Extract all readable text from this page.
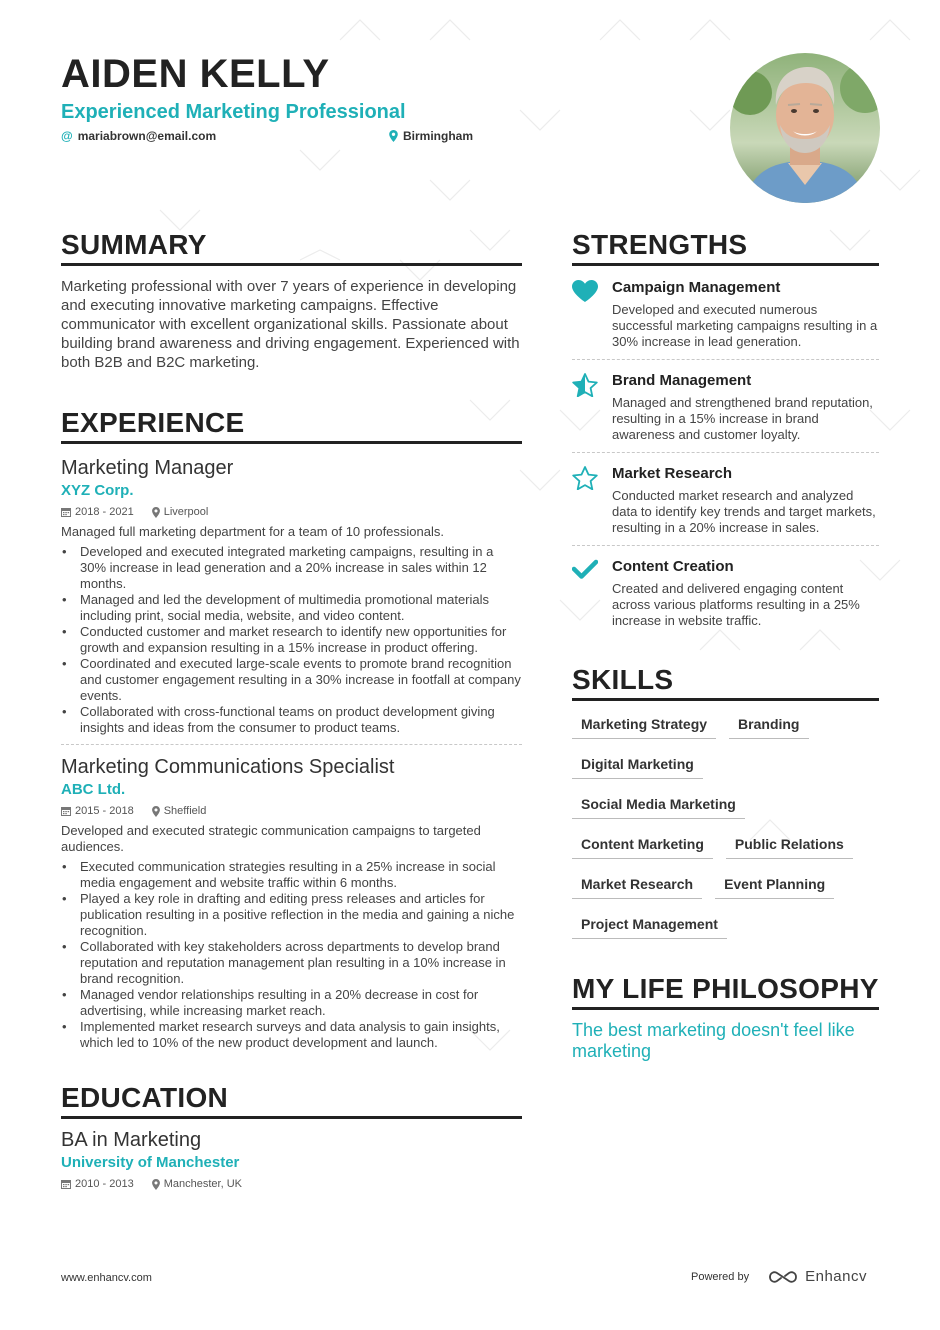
AIDEN KELLY
Experienced Marketing Professional
@ mariabrown@email.com	Birmingham
SUMMARY
Marketing professional with over 7 years of experience in developing and executing innovative marketing campaigns. Effective communicator with excellent organizational skills. Passionate about building brand awareness and driving engagement. Experienced with both B2B and B2C marketing.
EXPERIENCE
Marketing Manager
XYZ Corp.
2018 - 2021	Liverpool
Managed full marketing department for a team of 10 professionals.
• Developed and executed integrated marketing campaigns, resulting in a 30% increase in lead generation and a 20% increase in sales within 12 months.
• Managed and led the development of multimedia promotional materials including print, social media, website, and video content.
• Conducted customer and market research to identify new opportunities for growth and expansion resulting in a 15% increase in product offering.
• Coordinated and executed large-scale events to promote brand recognition and customer engagement resulting in a 30% increase in footfall at company events.
• Collaborated with cross-functional teams on product development giving insights and ideas from the consumer to product teams.
Marketing Communications Specialist
ABC Ltd.
2015 - 2018	Sheffield
Developed and executed strategic communication campaigns to targeted audiences.
• Executed communication strategies resulting in a 25% increase in social media engagement and website traffic within 6 months.
• Played a key role in drafting and editing press releases and articles for publication resulting in a positive reflection in the media and gaining a niche recognition.
• Collaborated with key stakeholders across departments to develop brand reputation and reputation management plan resulting in a 10% increase in brand recognition.
• Managed vendor relationships resulting in a 20% decrease in cost for advertising, while increasing market reach.
• Implemented market research surveys and data analysis to gain insights, which led to 10% of the new product development and launch.
EDUCATION
BA in Marketing
University of Manchester
2010 - 2013	Manchester, UK
STRENGTHS
Campaign Management
Developed and executed numerous successful marketing campaigns resulting in a 30% increase in lead generation.
Brand Management
Managed and strengthened brand reputation, resulting in a 15% increase in brand awareness and customer loyalty.
Market Research
Conducted market research and analyzed data to identify key trends and target markets, resulting in a 20% increase in sales.
Content Creation
Created and delivered engaging content across various platforms resulting in a 25% increase in website traffic.
SKILLS
Marketing Strategy	Branding
Digital Marketing
Social Media Marketing
Content Marketing	Public Relations
Market Research	Event Planning
Project Management
MY LIFE PHILOSOPHY
The best marketing doesn't feel like marketing
www.enhancv.com	Powered by	Enhancv
